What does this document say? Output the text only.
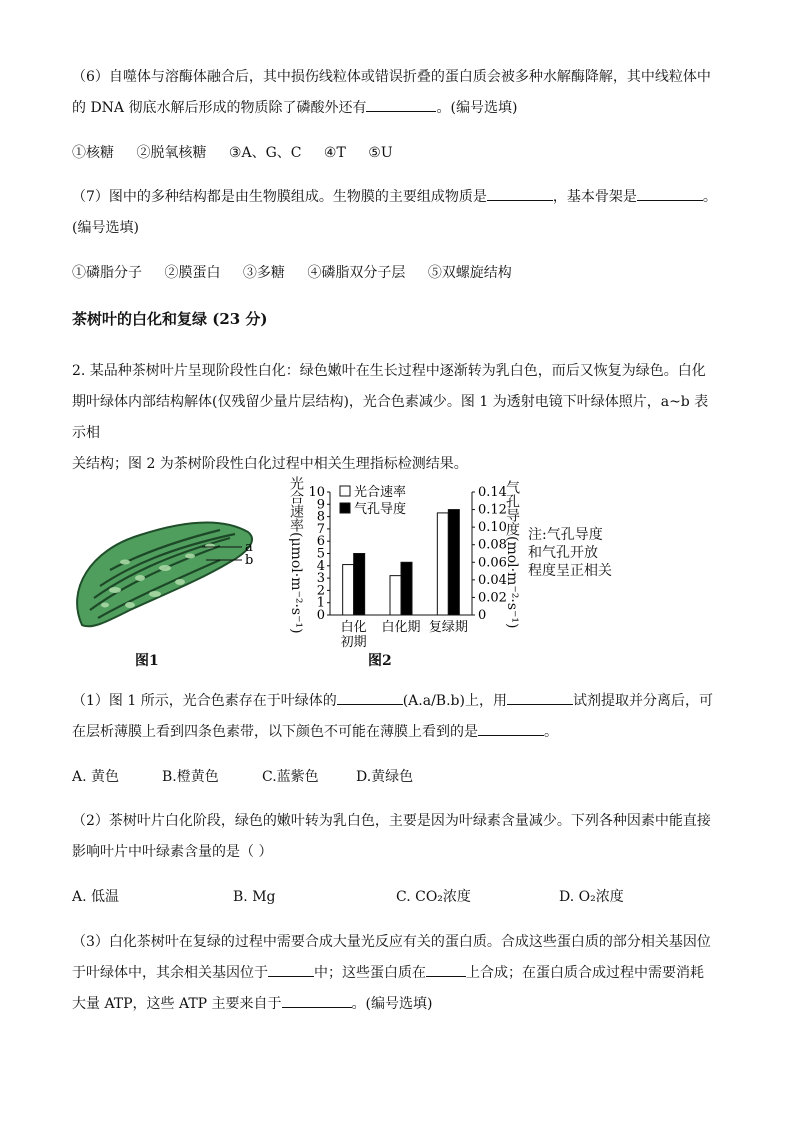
（6）自噬体与溶酶体融合后，其中损伤线粒体或错误折叠的蛋白质会被多种水解酶降解，其中线粒体中
的 DNA 彻底水解后形成的物质除了磷酸外还有	。(编号选填)
①核糖 ②脱氧核糖 ③A、G、C ④T ⑤U
（7）图中的多种结构都是由生物膜组成。生物膜的主要组成物质是	，基本骨架是	。
(编号选填)
①磷脂分子 ②膜蛋白 ③多糖 ④磷脂双分子层 ⑤双螺旋结构
茶树叶的白化和复绿 (23 分)
2. 某品种茶树叶片呈现阶段性白化：绿色嫩叶在生长过程中逐渐转为乳白色，而后又恢复为绿色。白化
期叶绿体内部结构解体(仅残留少量片层结构)，光合色素减少。图 1 为透射电镜下叶绿体照片，a~b 表示相
关结构；图 2 为茶树阶段性白化过程中相关生理指标检测结果。
a
b
图1
光合速率(μmol·m⁻²·s⁻¹)	气孔导度(mol·m⁻²·s⁻¹)
0
1
2
3
4
5
6
7
8
9
10
0
0.02
0.04
0.06
0.08
0.10
0.12
0.14
白化
初期
白化期 复绿期
光合速率
气孔导度
注:气孔导度
和气孔开放
程度呈正相关
图2
（1）图 1 所示，光合色素存在于叶绿体的	(A.a/B.b)上，用	试剂提取并分离后，可
在层析薄膜上看到四条色素带，以下颜色不可能在薄膜上看到的是	。
A. 黄色	B.橙黄色	C.蓝紫色	D.黄绿色
（2）茶树叶片白化阶段，绿色的嫩叶转为乳白色，主要是因为叶绿素含量减少。下列各种因素中能直接
影响叶片中叶绿素含量的是（ ）
A. 低温	B. Mg	C. CO₂浓度	D. O₂浓度
（3）白化茶树叶在复绿的过程中需要合成大量光反应有关的蛋白质。合成这些蛋白质的部分相关基因位
于叶绿体中，其余相关基因位于	中；这些蛋白质在	上合成；在蛋白质合成过程中需要消耗
大量 ATP，这些 ATP 主要来自于	。(编号选填)
